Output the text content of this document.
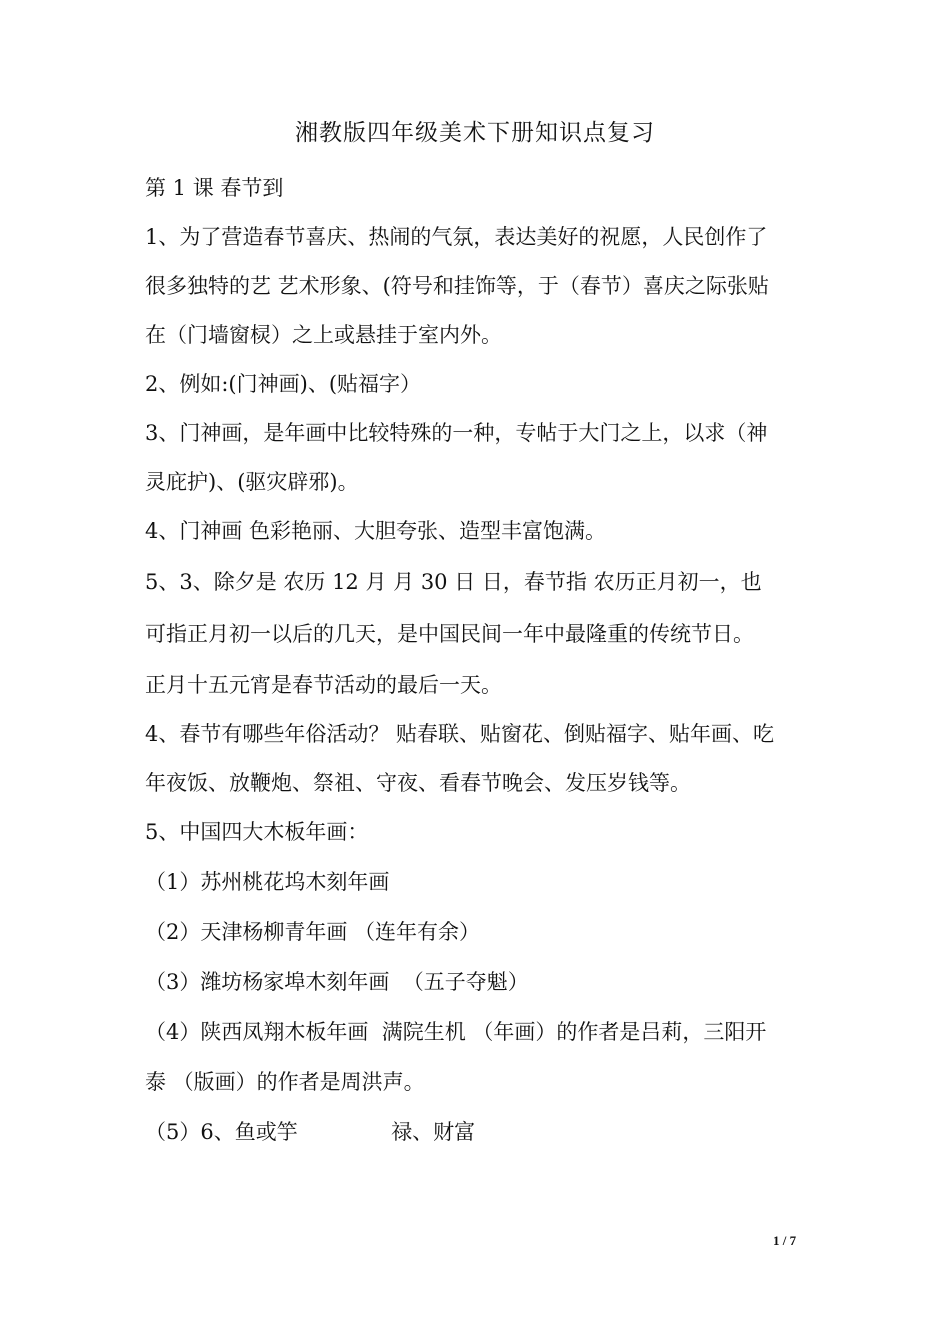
湘教版四年级美术下册知识点复习
第 1 课 春节到
1、为了营造春节喜庆、热闹的气氛，表达美好的祝愿，人民创作了
很多独特的艺 艺术形象、(符号和挂饰等，于（春节）喜庆之际张贴
在（门墙窗棂）之上或悬挂于室内外。
2、例如:(门神画)、(贴福字）
3、门神画，是年画中比较特殊的一种，专帖于大门之上，以求（神
灵庇护)、(驱灾辟邪)。
4、门神画 色彩艳丽、大胆夸张、造型丰富饱满。
5、3、除夕是 农历 12 月 月 30 日 日，春节指 农历正月初一，也
可指正月初一以后的几天，是中国民间一年中最隆重的传统节日。
正月十五元宵是春节活动的最后一天。
4、春节有哪些年俗活动？ 贴春联、贴窗花、倒贴福字、贴年画、吃
年夜饭、放鞭炮、祭祖、守夜、看春节晚会、发压岁钱等。
5、中国四大木板年画：
（1）苏州桃花坞木刻年画
（2）天津杨柳青年画 （连年有余）
（3）潍坊杨家埠木刻年画  （五子夺魁）
（4）陕西凤翔木板年画  满院生机 （年画）的作者是吕莉，三阳开
泰 （版画）的作者是周洪声。
（5）6、鱼或竽              禄、财富
1 / 7
